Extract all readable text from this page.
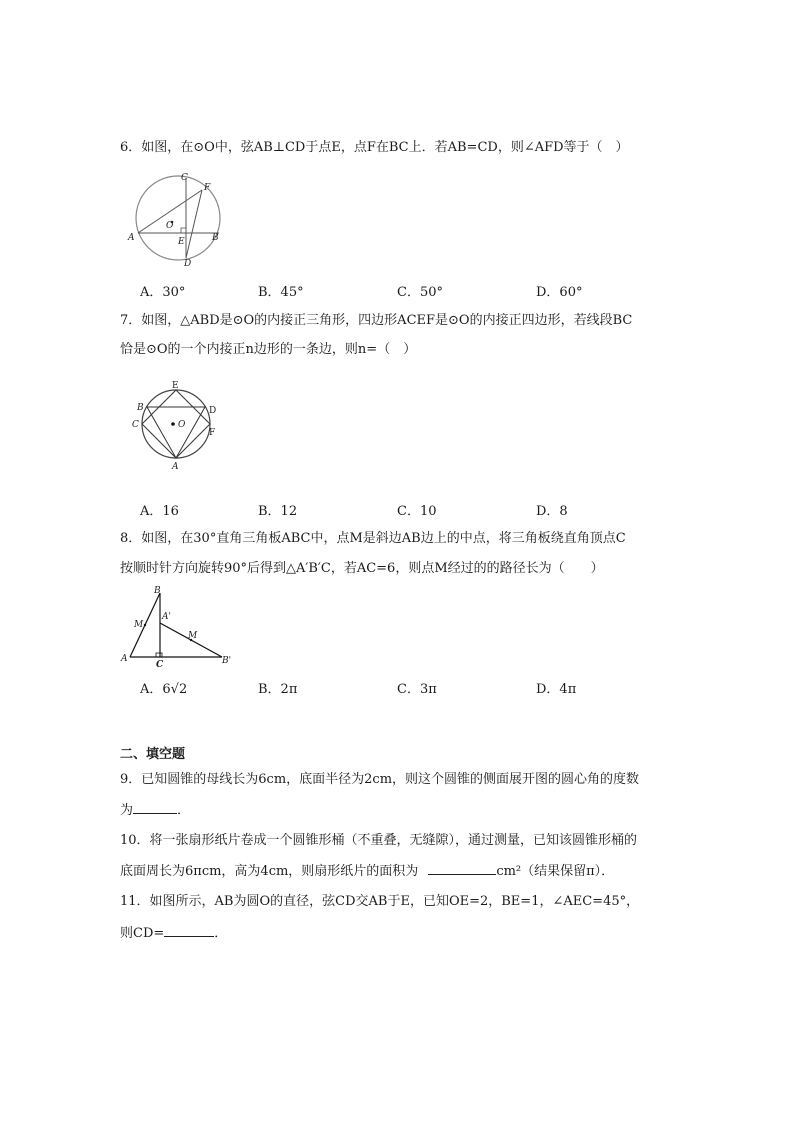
6．如图，在⊙O中，弦AB⊥CD于点E，点F在BC上．若AB=CD，则∠AFD等于（　）
C
F
O
A	E	B
D
A．30°	B．45°	C．50°	D．60°
7．如图，△ABD是⊙O的内接正三角形，四边形ACEF是⊙O的内接正四边形，若线段BC
恰是⊙O的一个内接正n边形的一条边，则n=（　）
E
B	D
C	O
F
A
A．16	B．12	C．10	D．8
8．如图，在30°直角三角板ABC中，点M是斜边AB边上的中点，将三角板绕直角顶点C
按顺时针方向旋转90°后得到△A′B′C，若AC=6，则点M经过的的路径长为（　　）
B
M
A'
M
A
C	B'
A．6√2	B．2π	C．3π	D．4π
二、填空题
9．已知圆锥的母线长为6cm，底面半径为2cm，则这个圆锥的侧面展开图的圆心角的度数
为	．
10．将一张扇形纸片卷成一个圆锥形桶（不重叠，无缝隙），通过测量，已知该圆锥形桶的
底面周长为6πcm，高为4cm，则扇形纸片的面积为	cm²（结果保留π）．
11．如图所示，AB为圆O的直径，弦CD交AB于E，已知OE=2，BE=1，∠AEC=45°，
则CD=	．
